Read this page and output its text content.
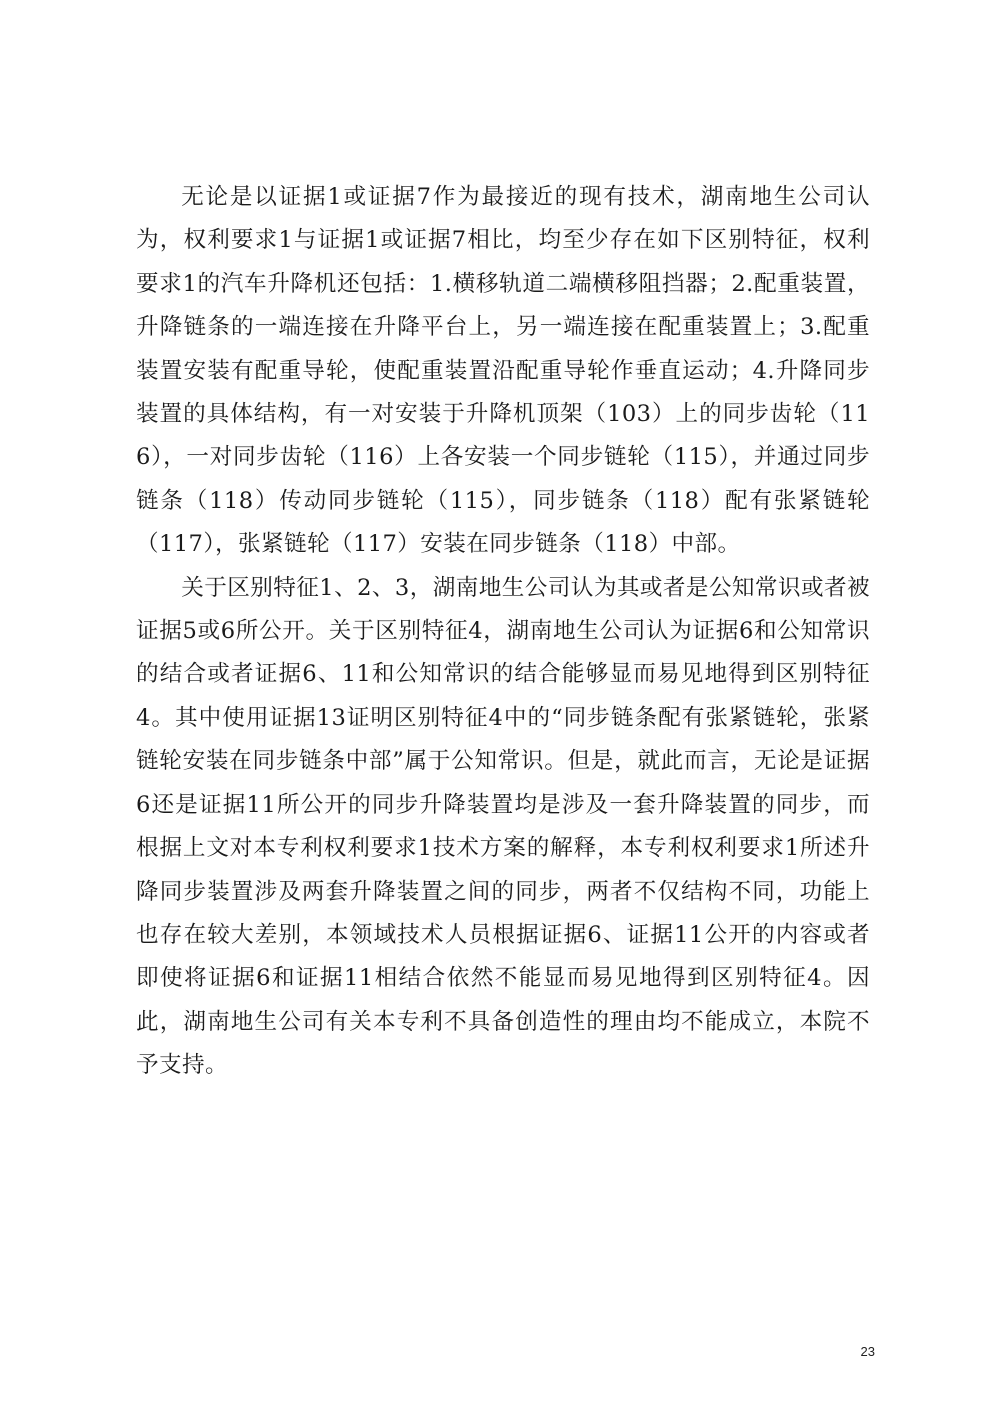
无论是以证据1或证据7作为最接近的现有技术，湖南地生公司认为，权利要求1与证据1或证据7相比，均至少存在如下区别特征，权利要求1的汽车升降机还包括：1.横移轨道二端横移阻挡器；2.配重装置，升降链条的一端连接在升降平台上，另一端连接在配重装置上；3.配重装置安装有配重导轮，使配重装置沿配重导轮作垂直运动；4.升降同步装置的具体结构，有一对安装于升降机顶架（103）上的同步齿轮（116），一对同步齿轮（116）上各安装一个同步链轮（115），并通过同步链条（118）传动同步链轮（115），同步链条（118）配有张紧链轮（117），张紧链轮（117）安装在同步链条（118）中部。

关于区别特征1、2、3，湖南地生公司认为其或者是公知常识或者被证据5或6所公开。关于区别特征4，湖南地生公司认为证据6和公知常识的结合或者证据6、11和公知常识的结合能够显而易见地得到区别特征4。其中使用证据13证明区别特征4中的“同步链条配有张紧链轮，张紧链轮安装在同步链条中部”属于公知常识。但是，就此而言，无论是证据6还是证据11所公开的同步升降装置均是涉及一套升降装置的同步，而根据上文对本专利权利要求1技术方案的解释，本专利权利要求1所述升降同步装置涉及两套升降装置之间的同步，两者不仅结构不同，功能上也存在较大差别，本领域技术人员根据证据6、证据11公开的内容或者即使将证据6和证据11相结合依然不能显而易见地得到区别特征4。因此，湖南地生公司有关本专利不具备创造性的理由均不能成立，本院不予支持。

23
